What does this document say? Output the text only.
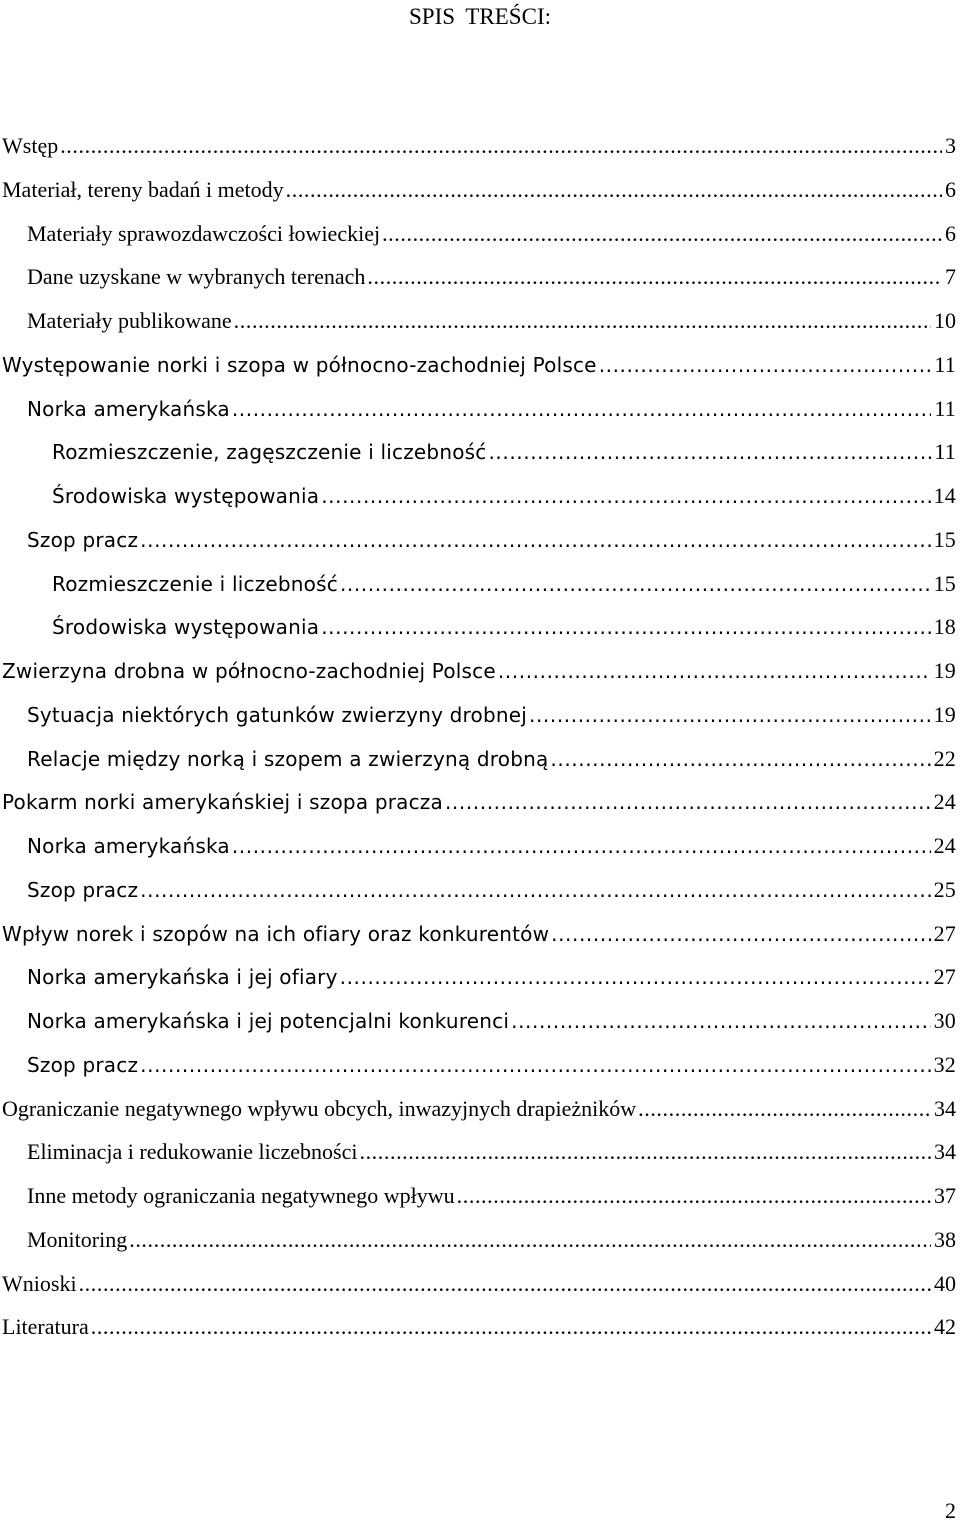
SPIS TREŚCI:
Wstęp .....	3
Materiał, tereny badań i metody .....	6
Materiały sprawozdawczości łowieckiej .....	6
Dane uzyskane w wybranych terenach .....	7
Materiały publikowane .....	10
Występowanie norki i szopa w północno-zachodniej Polsce .....	11
Norka amerykańska .....	11
Rozmieszczenie, zagęszczenie i liczebność .....	11
Środowiska występowania .....	14
Szop pracz .....	15
Rozmieszczenie i liczebność .....	15
Środowiska występowania .....	18
Zwierzyna drobna w północno-zachodniej Polsce .....	19
Sytuacja niektórych gatunków zwierzyny drobnej .....	19
Relacje między norką i szopem a zwierzyną drobną .....	22
Pokarm norki amerykańskiej i szopa pracza .....	24
Norka amerykańska .....	24
Szop pracz .....	25
Wpływ norek i szopów na ich ofiary oraz konkurentów .....	27
Norka amerykańska i jej ofiary .....	27
Norka amerykańska i jej potencjalni konkurenci .....	30
Szop pracz .....	32
Ograniczanie negatywnego wpływu obcych, inwazyjnych drapieżników .....	34
Eliminacja i redukowanie liczebności .....	34
Inne metody ograniczania negatywnego wpływu .....	37
Monitoring .....	38
Wnioski .....	40
Literatura .....	42
2
